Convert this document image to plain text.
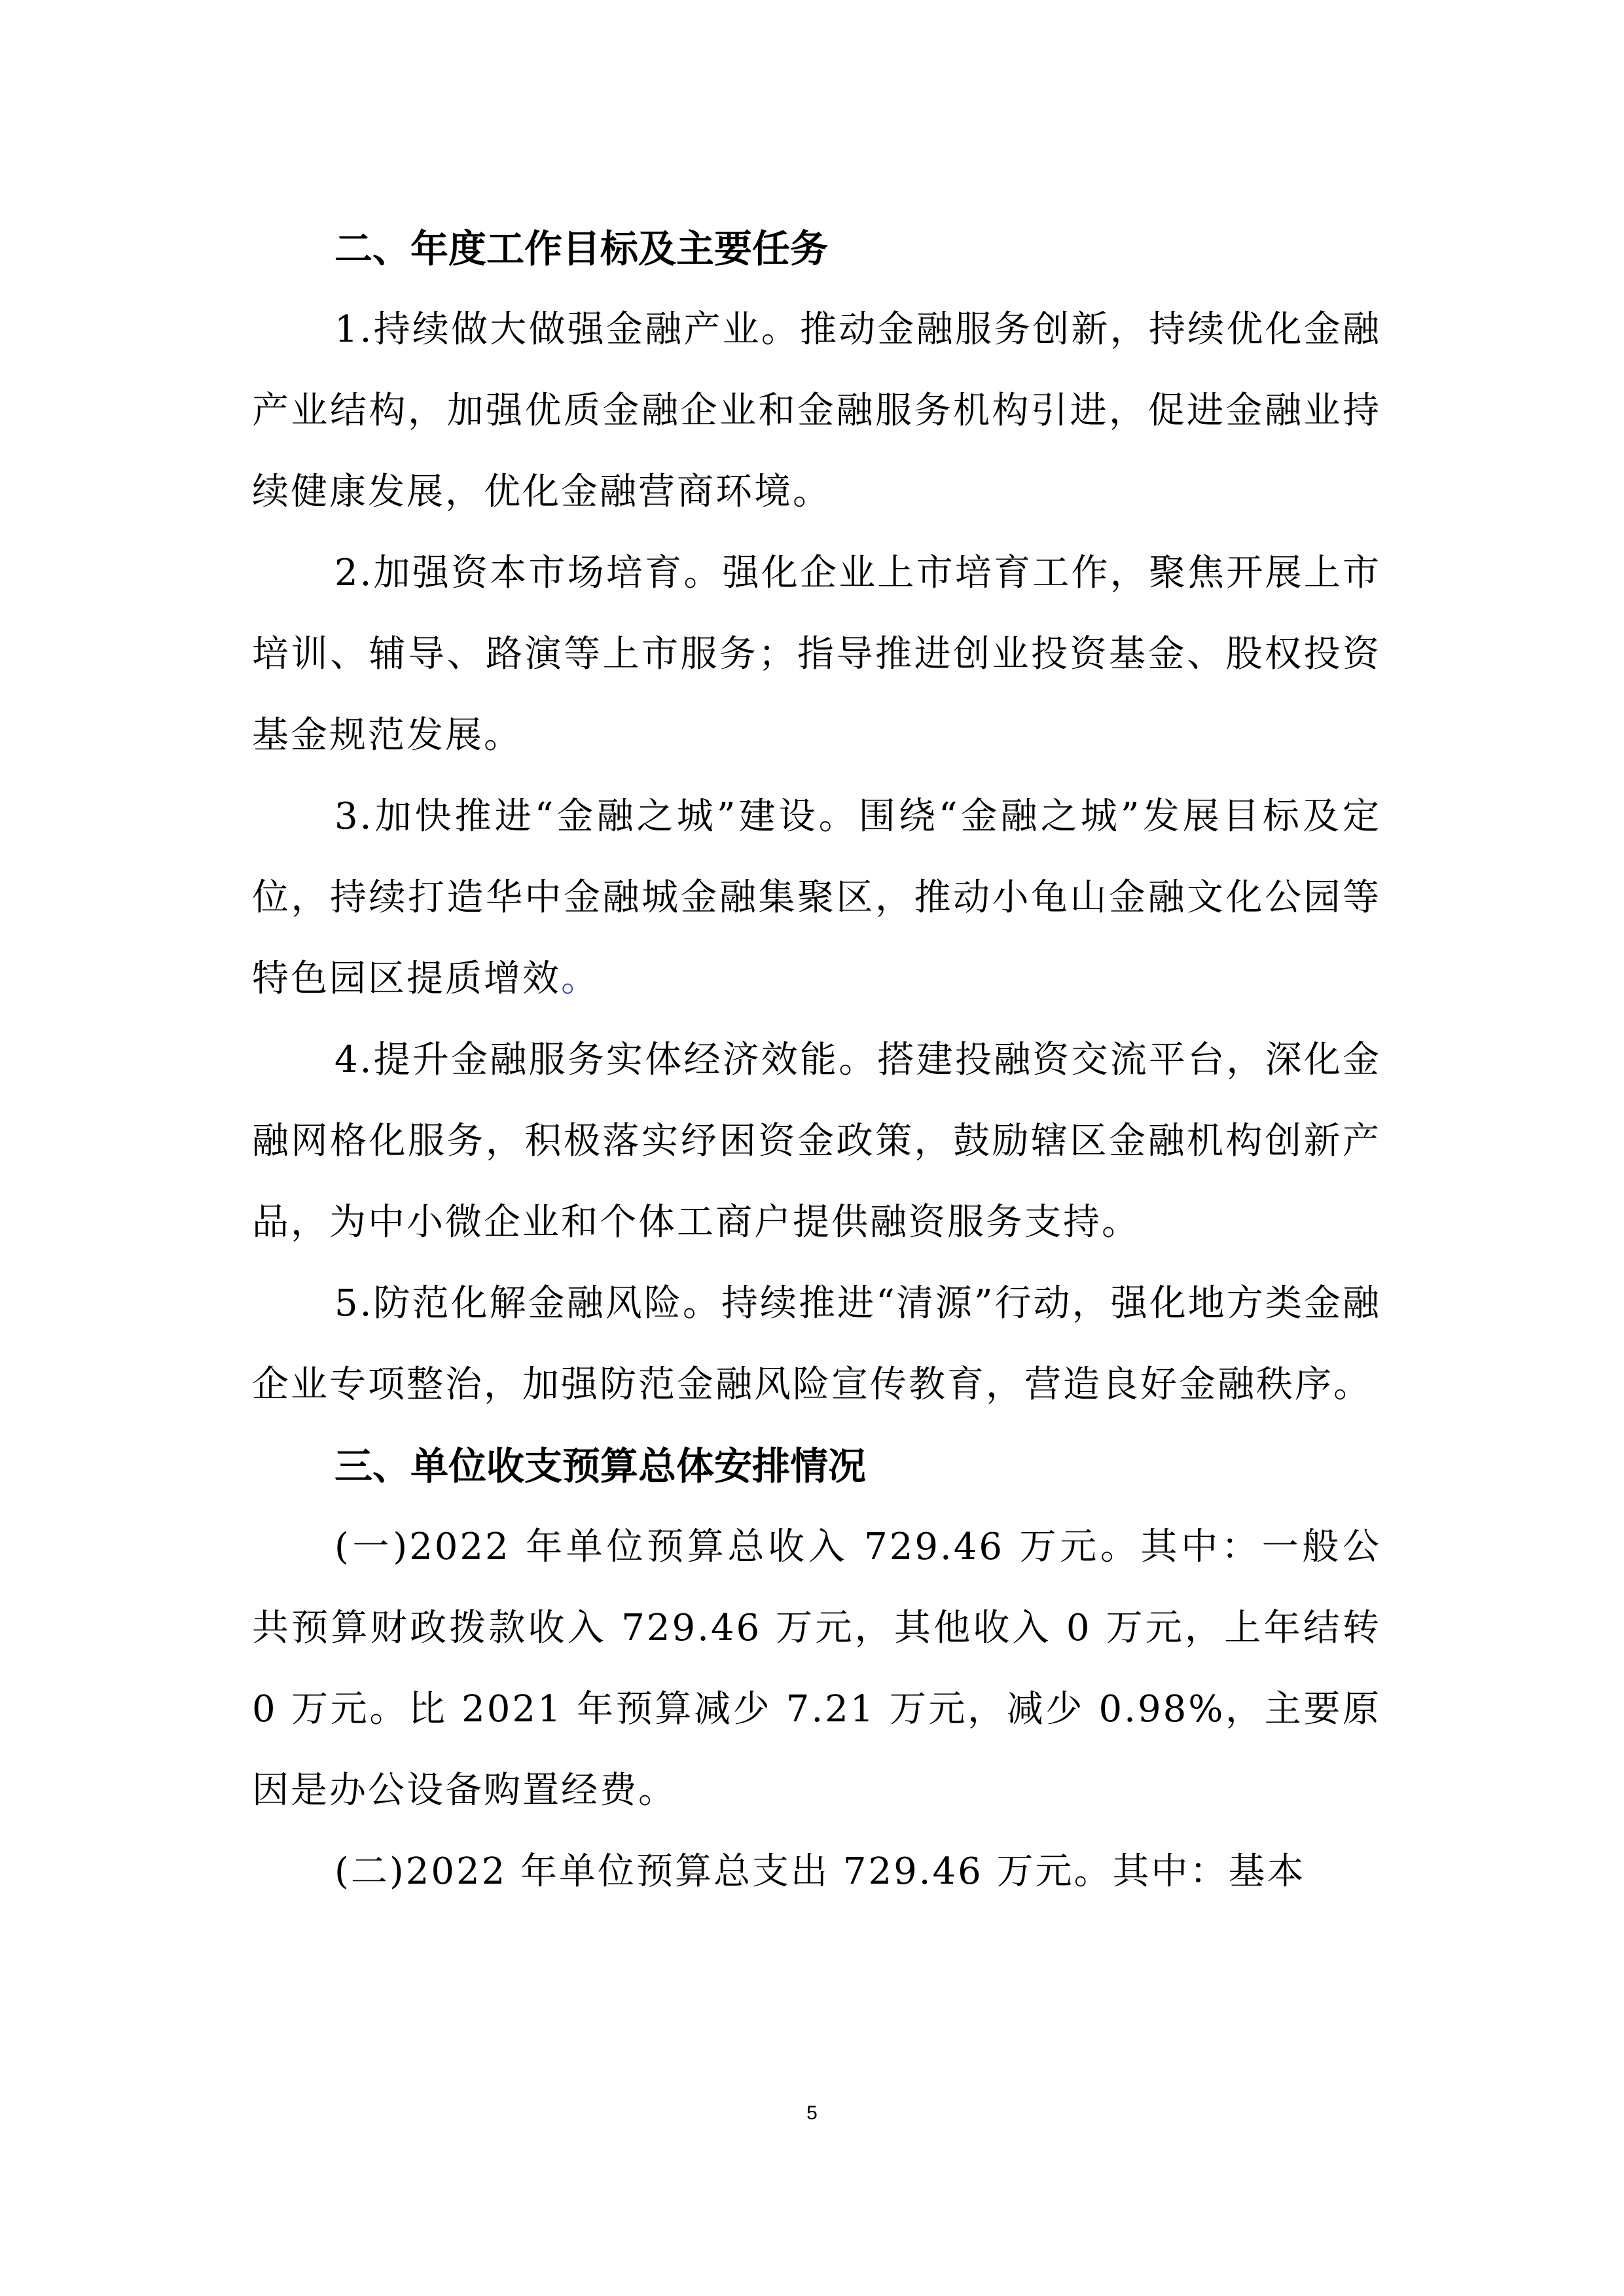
二、年度工作目标及主要任务

1.持续做大做强金融产业。推动金融服务创新，持续优化金融产业结构，加强优质金融企业和金融服务机构引进，促进金融业持续健康发展，优化金融营商环境。

2.加强资本市场培育。强化企业上市培育工作，聚焦开展上市培训、辅导、路演等上市服务；指导推进创业投资基金、股权投资基金规范发展。

3.加快推进“金融之城”建设。围绕“金融之城”发展目标及定位，持续打造华中金融城金融集聚区，推动小龟山金融文化公园等特色园区提质增效。

4.提升金融服务实体经济效能。搭建投融资交流平台，深化金融网格化服务，积极落实纾困资金政策，鼓励辖区金融机构创新产品，为中小微企业和个体工商户提供融资服务支持。

5.防范化解金融风险。持续推进“清源”行动，强化地方类金融企业专项整治，加强防范金融风险宣传教育，营造良好金融秩序。

三、单位收支预算总体安排情况

(一)2022 年单位预算总收入 729.46 万元。其中：一般公共预算财政拨款收入 729.46 万元，其他收入 0 万元，上年结转 0 万元。比 2021 年预算减少 7.21 万元，减少 0.98%，主要原因是办公设备购置经费。

(二)2022 年单位预算总支出 729.46 万元。其中：基本

5
